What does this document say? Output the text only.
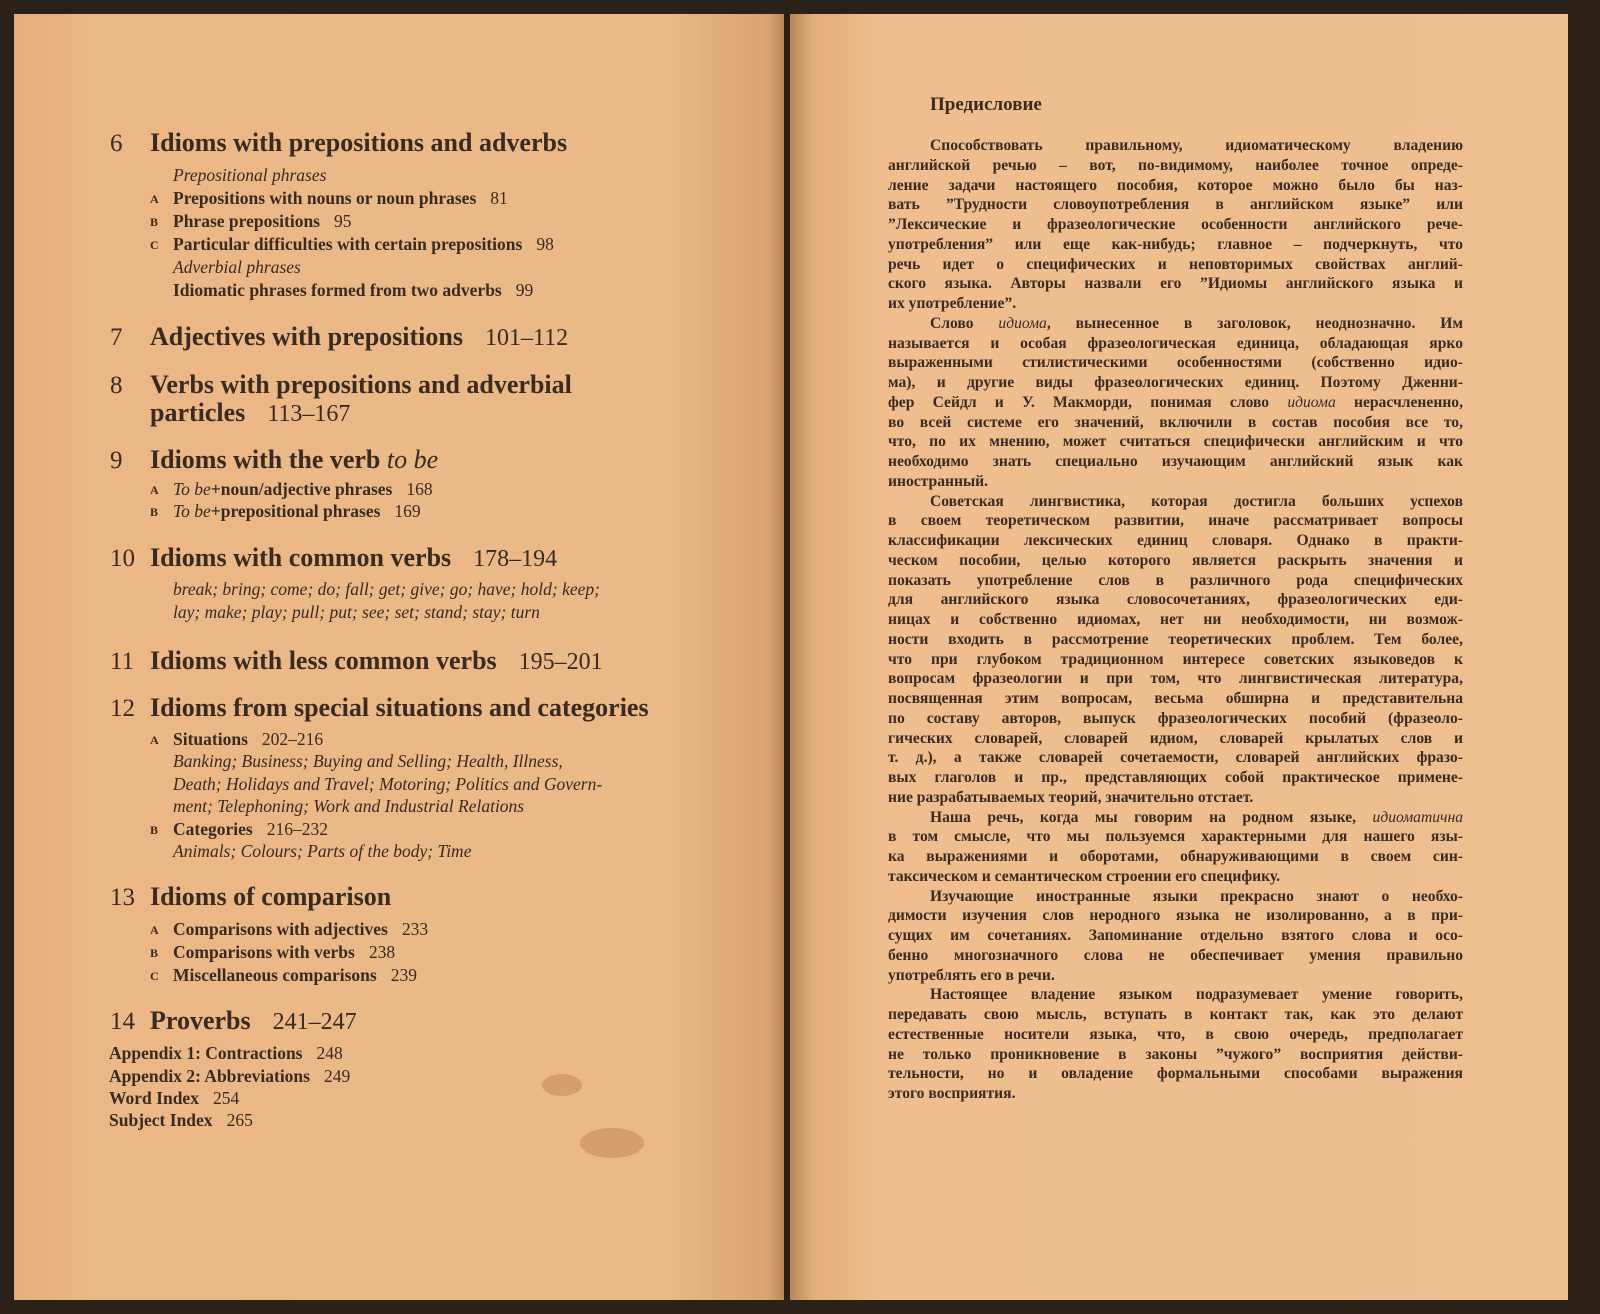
6 Idioms with prepositions and adverbs
Prepositional phrases
A Prepositions with nouns or noun phrases 81
B Phrase prepositions 95
C Particular difficulties with certain prepositions 98
Adverbial phrases
Idiomatic phrases formed from two adverbs 99
7 Adjectives with prepositions 101–112
8 Verbs with prepositions and adverbial
particles 113–167
9 Idioms with the verb to be
A To be+noun/adjective phrases 168
B To be+prepositional phrases 169
10 Idioms with common verbs 178–194
break; bring; come; do; fall; get; give; go; have; hold; keep;
lay; make; play; pull; put; see; set; stand; stay; turn
11 Idioms with less common verbs 195–201
12 Idioms from special situations and categories
A Situations 202–216
Banking; Business; Buying and Selling; Health, Illness,
Death; Holidays and Travel; Motoring; Politics and Govern-
ment; Telephoning; Work and Industrial Relations
B Categories 216–232
Animals; Colours; Parts of the body; Time
13 Idioms of comparison
A Comparisons with adjectives 233
B Comparisons with verbs 238
C Miscellaneous comparisons 239
14 Proverbs 241–247
Appendix 1: Contractions 248
Appendix 2: Abbreviations 249
Word Index 254
Subject Index 265
Предисловие
Способствовать правильному, идиоматическому владению
английской речью – вот, по-видимому, наиболее точное опреде-
ление задачи настоящего пособия, которое можно было бы наз-
вать ”Трудности словоупотребления в английском языке” или
”Лексические и фразеологические особенности английского рече-
употребления” или еще как-нибудь; главное – подчеркнуть, что
речь идет о специфических и неповторимых свойствах англий-
ского языка. Авторы назвали его ”Идиомы английского языка и
их употребление”.
Слово идиома, вынесенное в заголовок, неоднозначно. Им
называется и особая фразеологическая единица, обладающая ярко
выраженными стилистическими особенностями (собственно идио-
ма), и другие виды фразеологических единиц. Поэтому Дженни-
фер Сейдл и У. Макморди, понимая слово идиома нерасчлененно,
во всей системе его значений, включили в состав пособия все то,
что, по их мнению, может считаться специфически английским и что
необходимо знать специально изучающим английский язык как
иностранный.
Советская лингвистика, которая достигла больших успехов
в своем теоретическом развитии, иначе рассматривает вопросы
классификации лексических единиц словаря. Однако в практи-
ческом пособии, целью которого является раскрыть значения и
показать употребление слов в различного рода специфических
для английского языка словосочетаниях, фразеологических еди-
ницах и собственно идиомах, нет ни необходимости, ни возмож-
ности входить в рассмотрение теоретических проблем. Тем более,
что при глубоком традиционном интересе советских языковедов к
вопросам фразеологии и при том, что лингвистическая литература,
посвященная этим вопросам, весьма обширна и представительна
по составу авторов, выпуск фразеологических пособий (фразеоло-
гических словарей, словарей идиом, словарей крылатых слов и
т. д.), а также словарей сочетаемости, словарей английских фразо-
вых глаголов и пр., представляющих собой практическое примене-
ние разрабатываемых теорий, значительно отстает.
Наша речь, когда мы говорим на родном языке, идиоматична
в том смысле, что мы пользуемся характерными для нашего язы-
ка выражениями и оборотами, обнаруживающими в своем син-
таксическом и семантическом строении его специфику.
Изучающие иностранные языки прекрасно знают о необхо-
димости изучения слов неродного языка не изолированно, а в при-
сущих им сочетаниях. Запоминание отдельно взятого слова и осо-
бенно многозначного слова не обеспечивает умения правильно
употреблять его в речи.
Настоящее владение языком подразумевает умение говорить,
передавать свою мысль, вступать в контакт так, как это делают
естественные носители языка, что, в свою очередь, предполагает
не только проникновение в законы ”чужого” восприятия действи-
тельности, но и овладение формальными способами выражения
этого восприятия.
